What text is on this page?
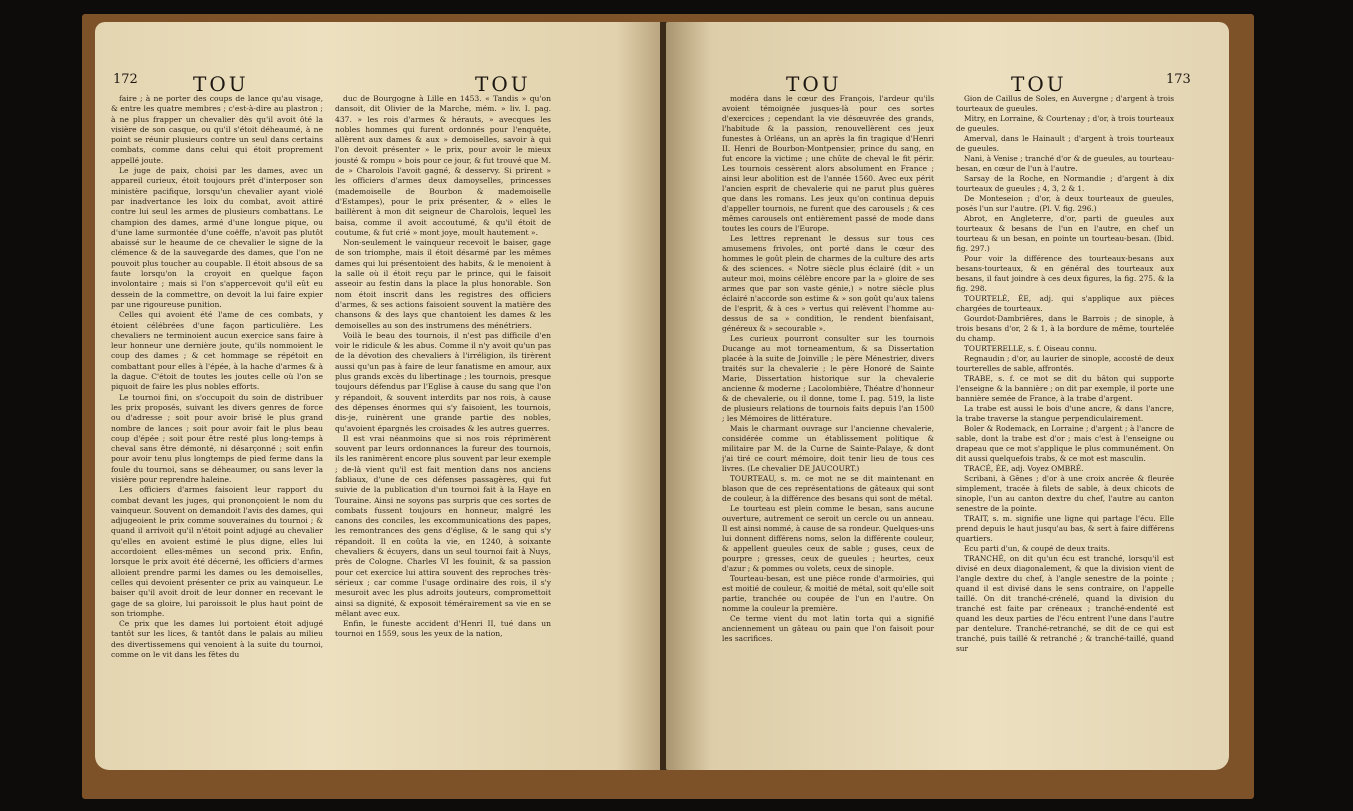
172	TOU	TOU

faire ; à ne porter des coups de lance qu'au visage, & entre les quatre membres ; c'est-à-dire au plastron ; à ne plus frapper un chevalier dès qu'il avoit ôté la visière de son casque, ou qu'il s'étoit déheaumé, à ne point se réunir plusieurs contre un seul dans certains combats, comme dans celui qui étoit proprement appellé joute.

Le juge de paix, choisi par les dames, avec un appareil curieux, étoit toujours prêt d'interposer son ministère pacifique, lorsqu'un chevalier ayant violé par inadvertance les loix du combat, avoit attiré contre lui seul les armes de plusieurs combattans. Le champion des dames, armé d'une longue pique, ou d'une lame surmontée d'une coëffe, n'avoit pas plutôt abaissé sur le heaume de ce chevalier le signe de la clémence & de la sauvegarde des dames, que l'on ne pouvoit plus toucher au coupable. Il étoit absous de sa faute lorsqu'on la croyoit en quelque façon involontaire ; mais si l'on s'appercevoit qu'il eût eu dessein de la commettre, on devoit la lui faire expier par une rigoureuse punition.

Celles qui avoient été l'ame de ces combats, y étoient célébrées d'une façon particulière. Les chevaliers ne terminoient aucun exercice sans faire à leur honneur une dernière joute, qu'ils nommoient le coup des dames ; & cet hommage se répétoit en combattant pour elles à l'épée, à la hache d'armes & à la dague. C'étoit de toutes les joutes celle où l'on se piquoit de faire les plus nobles efforts.

Le tournoi fini, on s'occupoit du soin de distribuer les prix proposés, suivant les divers genres de force ou d'adresse ; soit pour avoir brisé le plus grand nombre de lances ; soit pour avoir fait le plus beau coup d'épée ; soit pour être resté plus long-temps à cheval sans être démonté, ni désarçonné ; soit enfin pour avoir tenu plus longtemps de pied ferme dans la foule du tournoi, sans se déheaumer, ou sans lever la visière pour reprendre haleine.

Les officiers d'armes faisoient leur rapport du combat devant les juges, qui prononçoient le nom du vainqueur. Souvent on demandoit l'avis des dames, qui adjugeoient le prix comme souveraines du tournoi ; & quand il arrivoit qu'il n'étoit point adjugé au chevalier qu'elles en avoient estimé le plus digne, elles lui accordoient elles-mêmes un second prix. Enfin, lorsque le prix avoit été décerné, les officiers d'armes alloient prendre parmi les dames ou les demoiselles, celles qui devoient présenter ce prix au vainqueur. Le baiser qu'il avoit droit de leur donner en recevant le gage de sa gloire, lui paroissoit le plus haut point de son triomphe.

Ce prix que les dames lui portoient étoit adjugé tantôt sur les lices, & tantôt dans le palais au milieu des divertissemens qui venoient à la suite du tournoi, comme on le vit dans les fêtes du

duc de Bourgogne à Lille en 1453. « Tandis » qu'on dansoit, dit Olivier de la Marche, mém. » liv. I. pag. 437. » les rois d'armes & hérauts, » avecques les nobles hommes qui furent ordonnés pour l'enquête, allèrent aux dames & aux » demoiselles, savoir à qui l'on devoit présenter » le prix, pour avoir le mieux jousté & rompu » bois pour ce jour, & fut trouvé que M. de » Charolois l'avoit gagné, & desservy. Si prirent » les officiers d'armes deux damoyselles, princesses (mademoiselle de Bourbon & mademoiselle d'Estampes), pour le prix présenter, & » elles le baillèrent à mon dit seigneur de Charolois, lequel les baisa, comme il avoit accoutumé, & qu'il étoit de coutume, & fut crié » mont joye, moult hautement ».

Non-seulement le vainqueur recevoit le baiser, gage de son triomphe, mais il étoit désarmé par les mêmes dames qui lui présentoient des habits, & le menoient à la salle où il étoit reçu par le prince, qui le faisoit asseoir au festin dans la place la plus honorable. Son nom étoit inscrit dans les registres des officiers d'armes, & ses actions faisoient souvent la matière des chansons & des lays que chantoient les dames & les demoiselles au son des instrumens des ménétriers.

Voilà le beau des tournois, il n'est pas difficile d'en voir le ridicule & les abus. Comme il n'y avoit qu'un pas de la dévotion des chevaliers à l'irréligion, ils tirèrent aussi qu'un pas à faire de leur fanatisme en amour, aux plus grands excès du libertinage ; les tournois, presque toujours défendus par l'Eglise à cause du sang que l'on y répandoit, & souvent interdits par nos rois, à cause des dépenses énormes qui s'y faisoient, les tournois, dis-je, ruinèrent une grande partie des nobles, qu'avoient épargnés les croisades & les autres guerres.

Il est vrai néanmoins que si nos rois réprimèrent souvent par leurs ordonnances la fureur des tournois, ils les ranimèrent encore plus souvent par leur exemple ; de-là vient qu'il est fait mention dans nos anciens fabliaux, d'une de ces défenses passagères, qui fut suivie de la publication d'un tournoi fait à la Haye en Touraine. Ainsi ne soyons pas surpris que ces sortes de combats fussent toujours en honneur, malgré les canons des conciles, les excommunications des papes, les remontrances des gens d'église, & le sang qui s'y répandoit. Il en coûta la vie, en 1240, à soixante chevaliers & écuyers, dans un seul tournoi fait à Nuys, près de Cologne. Charles VI les fouinit, & sa passion pour cet exercice lui attira souvent des reproches très-sérieux ; car comme l'usage ordinaire des rois, il s'y mesuroit avec les plus adroits jouteurs, compromettoit ainsi sa dignité, & exposoit témérairement sa vie en se mêlant avec eux.

Enfin, le funeste accident d'Henri II, tué dans un tournoi en 1559, sous les yeux de la nation,

TOU	TOU	173

modéra dans le cœur des François, l'ardeur qu'ils avoient témoignée jusques-là pour ces sortes d'exercices ; cependant la vie désœuvrée des grands, l'habitude & la passion, renouvellèrent ces jeux funestes à Orléans, un an après la fin tragique d'Henri II. Henri de Bourbon-Montpensier, prince du sang, en fut encore la victime ; une chûte de cheval le fit périr. Les tournois cessèrent alors absolument en France ; ainsi leur abolition est de l'année 1560. Avec eux périt l'ancien esprit de chevalerie qui ne parut plus guères que dans les romans. Les jeux qu'on continua depuis d'appeller tournois, ne furent que des carousels ; & ces mêmes carousels ont entièrement passé de mode dans toutes les cours de l'Europe.

Les lettres reprenant le dessus sur tous ces amusemens frivoles, ont porté dans le cœur des hommes le goût plein de charmes de la culture des arts & des sciences. « Notre siècle plus éclairé (dit » un auteur moi, moins célèbre encore par la » gloire de ses armes que par son vaste génie,) » notre siècle plus éclairé n'accorde son estime & » son goût qu'aux talens de l'esprit, & à ces » vertus qui relèvent l'homme au-dessus de sa » condition, le rendent bienfaisant, généreux & » secourable ».

Les curieux pourront consulter sur les tournois Ducange au mot torneamentum, & sa Dissertation placée à la suite de Joinville ; le père Ménestrier, divers traités sur la chevalerie ; le père Honoré de Sainte Marie, Dissertation historique sur la chevalerie ancienne & moderne ; Lacolombière, Théatre d'honneur & de chevalerie, ou il donne, tome I. pag. 519, la liste de plusieurs relations de tournois faits depuis l'an 1500 ; les Mémoires de littérature.

Mais le charmant ouvrage sur l'ancienne chevalerie, considérée comme un établissement politique & militaire par M. de la Curne de Sainte-Palaye, & dont j'ai tiré ce court mémoire, doit tenir lieu de tous ces livres. (Le chevalier DE JAUCOURT.)

TOURTEAU, s. m. ce mot ne se dit maintenant en blason que de ces représentations de gâteaux qui sont de couleur, à la différence des besans qui sont de métal.

Le tourteau est plein comme le besan, sans aucune ouverture, autrement ce seroit un cercle ou un anneau. Il est ainsi nommé, à cause de sa rondeur. Quelques-uns lui donnent différens noms, selon la différente couleur, & appellent gueules ceux de sable ; guses, ceux de pourpre ; gresses, ceux de gueules ; heurtes, ceux d'azur ; & pommes ou volets, ceux de sinople.

Tourteau-besan, est une pièce ronde d'armoiries, qui est moitié de couleur, & moitié de métal, soit qu'elle soit partie, tranchée ou coupée de l'un en l'autre. On nomme la couleur la première.

Ce terme vient du mot latin torta qui a signifié anciennement un gâteau ou pain que l'on faisoit pour les sacrifices.

Gion de Caillus de Soles, en Auvergne ; d'argent à trois tourteaux de gueules.

Mitry, en Lorraine, & Courtenay ; d'or, à trois tourteaux de gueules.

Amerval, dans le Hainault ; d'argent à trois tourteaux de gueules.

Nani, à Venise ; tranché d'or & de gueules, au tourteau-besan, en cœur de l'un à l'autre.

Sarsay de la Roche, en Normandie ; d'argent à dix tourteaux de gueules ; 4, 3, 2 & 1.

De Monteseion ; d'or, à deux tourteaux de gueules, posés l'un sur l'autre. (Pl. V. fig. 296.)

Abrot, en Angleterre, d'or, parti de gueules aux tourteaux & besans de l'un en l'autre, en chef un tourteau & un besan, en pointe un tourteau-besan. (Ibid. fig. 297.)

Pour voir la différence des tourteaux-besans aux besans-tourteaux, & en général des tourteaux aux besans, il faut joindre à ces deux figures, la fig. 275. & la fig. 298.

TOURTELÉ, ÉE, adj. qui s'applique aux pièces chargées de tourteaux.

Gourdot-Dambriêres, dans le Barrois ; de sinople, à trois besans d'or, 2 & 1, à la bordure de même, tourtelée du champ.

TOURTERELLE, s. f. Oiseau connu.

Regnaudin ; d'or, au laurier de sinople, accosté de deux tourterelles de sable, affrontés.

TRABE, s. f. ce mot se dit du bâton qui supporte l'enseigne & la bannière ; on dit par exemple, il porte une bannière semée de France, à la trabe d'argent.

La trabe est aussi le bois d'une ancre, & dans l'ancre, la trabe traverse la stangue perpendiculairement.

Boler & Rodemack, en Lorraine ; d'argent ; à l'ancre de sable, dont la trabe est d'or ; mais c'est à l'enseigne ou drapeau que ce mot s'applique le plus communément. On dit aussi quelquefois trabs, & ce mot est masculin.

TRACÉ, ÉE, adj. Voyez OMBRÉ.

Scribani, à Gênes ; d'or à une croix ancrée & fleurée simplement, tracée à filets de sable, à deux chicots de sinople, l'un au canton dextre du chef, l'autre au canton senestre de la pointe.

TRAIT, s. m. signifie une ligne qui partage l'écu. Elle prend depuis le haut jusqu'au bas, & sert à faire différens quartiers.

Ecu parti d'un, & coupé de deux traits.

TRANCHÉ, on dit qu'un écu est tranché, lorsqu'il est divisé en deux diagonalement, & que la division vient de l'angle dextre du chef, à l'angle senestre de la pointe ; quand il est divisé dans le sens contraire, on l'appelle taillé. On dit tranché-crénelé, quand la division du tranché est faite par créneaux ; tranché-endenté est quand les deux parties de l'écu entrent l'une dans l'autre par dentelure. Tranché-retranché, se dit de ce qui est tranché, puis taillé & retranché ; & tranché-taillé, quand sur
